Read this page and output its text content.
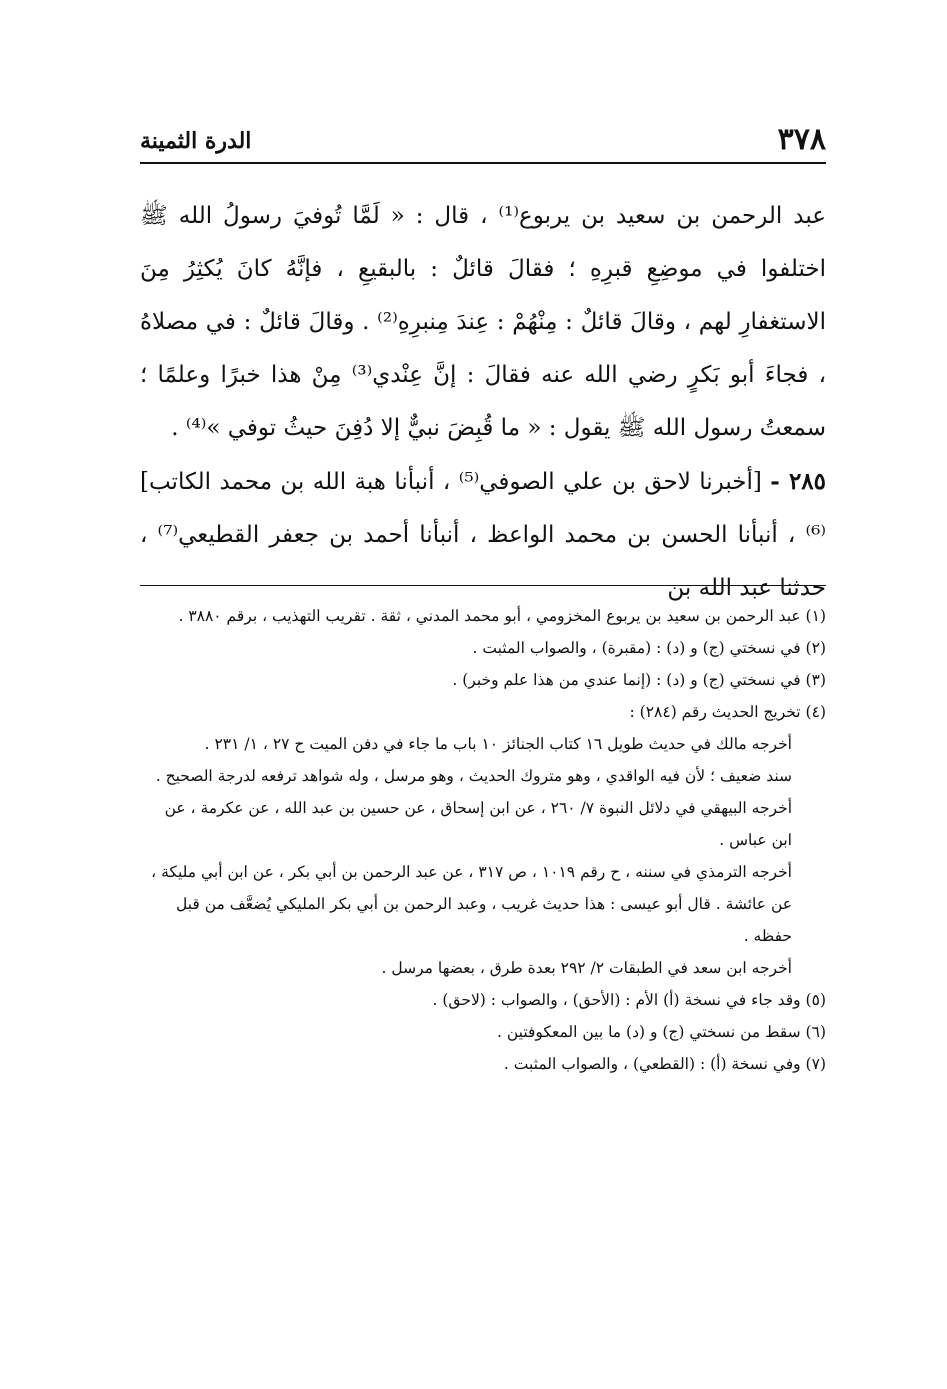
٣٧٨
الدرة الثمينة

عبد الرحمن بن سعيد بن يربوع⁽¹⁾ ، قال : « لَمَّا تُوفيَ رسولُ الله ﷺ اختلفوا في موضِعِ قبرِهِ ؛ فقالَ قائلٌ : بالبقيعِ ، فإنَّهُ كانَ يُكثِرُ مِنَ الاستغفارِ لهم ، وقالَ قائلٌ : مِنْهُمْ : عِندَ مِنبرِهِ⁽²⁾ . وقالَ قائلٌ : في مصلاهُ ، فجاءَ أبو بَكرٍ رضي الله عنه فقالَ : إنَّ عِنْدي⁽³⁾ مِنْ هذا خبرًا وعلمًا ؛ سمعتُ رسول الله ﷺ يقول : « ما قُبِضَ نبيٌّ إلا دُفِنَ حيثُ توفي »⁽⁴⁾ .

٢٨٥ - [أخبرنا لاحق بن علي الصوفي⁽⁵⁾ ، أنبأنا هبة الله بن محمد الكاتب]⁽⁶⁾ ، أنبأنا الحسن بن محمد الواعظ ، أنبأنا أحمد بن جعفر القطيعي⁽⁷⁾ ، حدثنا عبد الله بن

(١) عبد الرحمن بن سعيد بن يربوع المخزومي ، أبو محمد المدني ، ثقة . تقريب التهذيب ، برقم ٣٨٨٠ .

(٢) في نسختي (ج) و (د) : (مقبرة) ، والصواب المثبت .

(٣) في نسختي (ج) و (د) : (إنما عندي من هذا علم وخبر) .

(٤) تخريج الحديث رقم (٢٨٤) :

أخرجه مالك في حديث طويل ١٦ كتاب الجنائز ١٠ باب ما جاء في دفن الميت ح ٢٧ ، ١/ ٢٣١ .

سند ضعيف ؛ لأن فيه الواقدي ، وهو متروك الحديث ، وهو مرسل ، وله شواهد ترفعه لدرجة الصحيح .

أخرجه البيهقي في دلائل النبوة ٧/ ٢٦٠ ، عن ابن إسحاق ، عن حسين بن عبد الله ، عن عكرمة ، عن ابن عباس .

أخرجه الترمذي في سننه ، ح رقم ١٠١٩ ، ص ٣١٧ ، عن عبد الرحمن بن أبي بكر ، عن ابن أبي مليكة ، عن عائشة . قال أبو عيسى : هذا حديث غريب ، وعبد الرحمن بن أبي بكر المليكي يُضعَّف من قبل حفظه .

أخرجه ابن سعد في الطبقات ٢/ ٢٩٢ بعدة طرق ، بعضها مرسل .

(٥) وقد جاء في نسخة (أ) الأم : (الأحق) ، والصواب : (لاحق) .

(٦) سقط من نسختي (ج) و (د) ما بين المعكوفتين .

(٧) وفي نسخة (أ) : (القطعي) ، والصواب المثبت .
